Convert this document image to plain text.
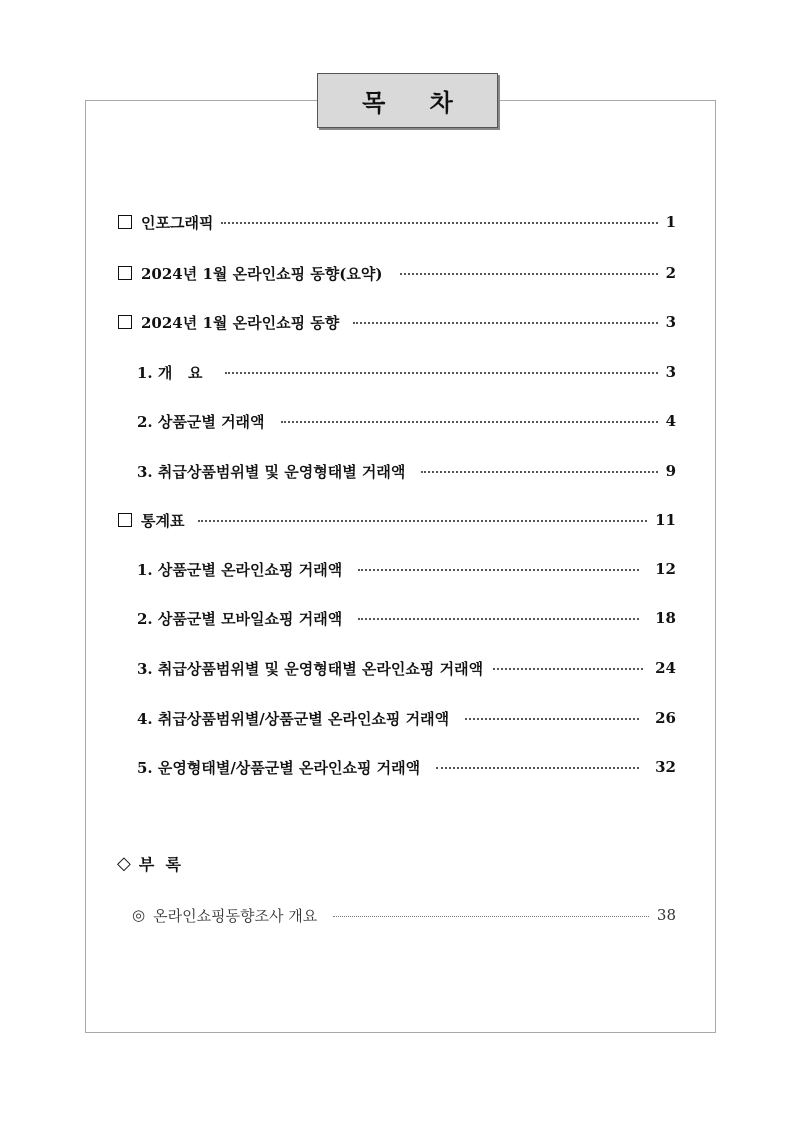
목 차
인포그래픽	1
2024년 1월 온라인쇼핑 동향(요약)	2
2024년 1월 온라인쇼핑 동향	3
1. 개   요	3
2. 상품군별 거래액	4
3. 취급상품범위별 및 운영형태별 거래액	9
통계표	11
1. 상품군별 온라인쇼핑 거래액	12
2. 상품군별 모바일쇼핑 거래액	18
3. 취급상품범위별 및 운영형태별 온라인쇼핑 거래액	24
4. 취급상품범위별/상품군별 온라인쇼핑 거래액	26
5. 운영형태별/상품군별 온라인쇼핑 거래액	32
◇ 부  록
◎ 온라인쇼핑동향조사 개요	38
